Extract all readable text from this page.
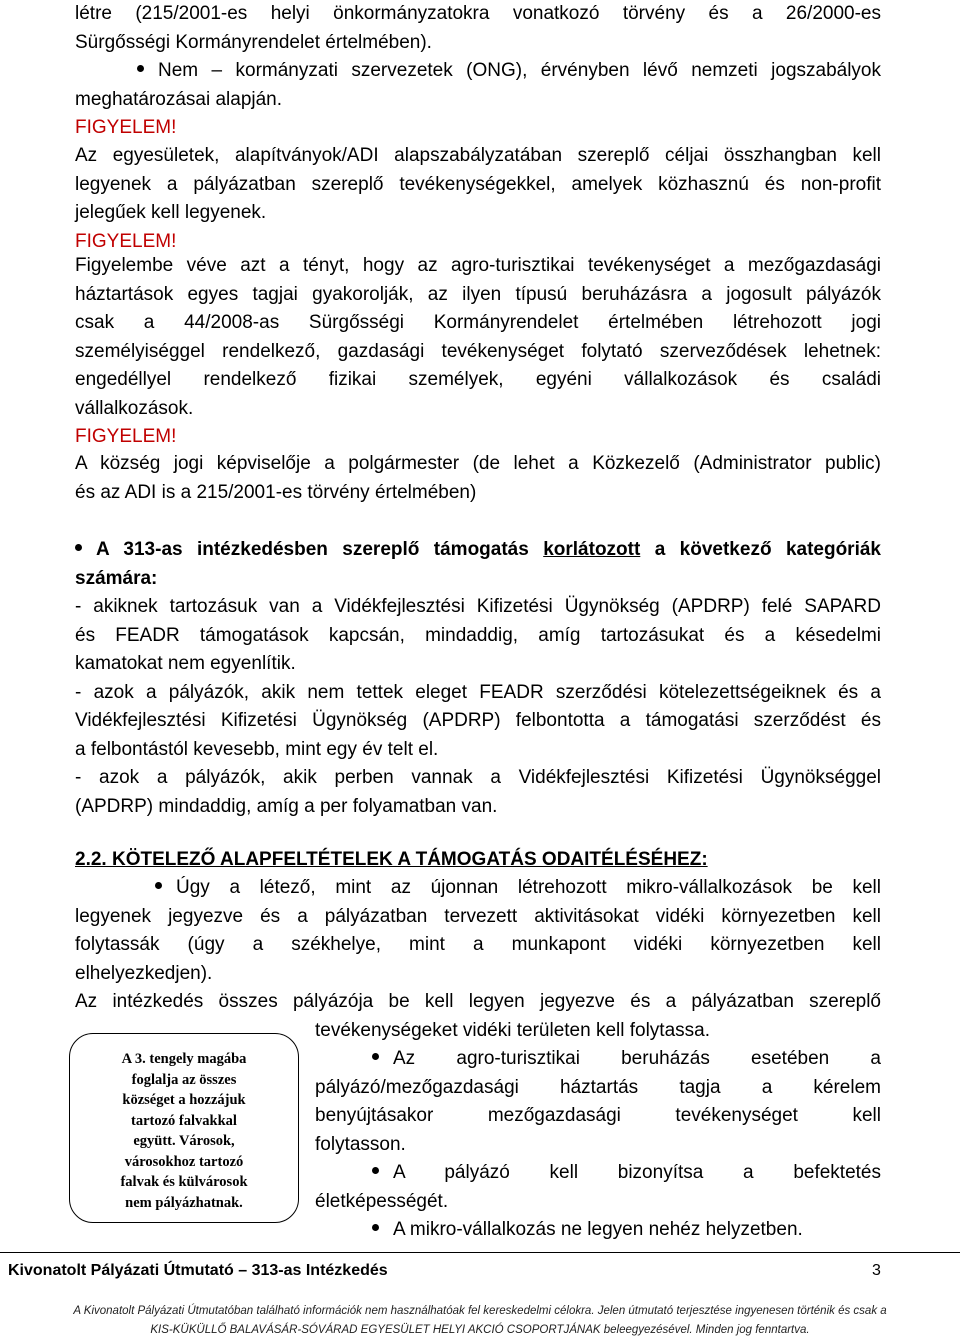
létre (215/2001-es helyi önkormányzatokra vonatkozó törvény és a 26/2000-es
Sürgősségi Kormányrendelet értelmében).
Nem – kormányzati szervezetek (ONG), érvényben lévő nemzeti jogszabályok
meghatározásai alapján.
FIGYELEM!
Az egyesületek, alapítványok/ADI alapszabályzatában szereplő céljai összhangban kell
legyenek a pályázatban szereplő tevékenységekkel, amelyek közhasznú és non-profit
jelegűek kell legyenek.
FIGYELEM!
Figyelembe véve azt a tényt, hogy az agro-turisztikai tevékenységet a mezőgazdasági
háztartások egyes tagjai gyakorolják, az ilyen típusú beruházásra a jogosult pályázók
csak a 44/2008-as Sürgősségi Kormányrendelet értelmében létrehozott jogi
személyiséggel rendelkező, gazdasági tevékenységet folytató szerveződések lehetnek:
engedéllyel rendelkező fizikai személyek, egyéni vállalkozások és családi
vállalkozások.
FIGYELEM!
A község jogi képviselője a polgármester (de lehet a Közkezelő (Administrator public)
és az ADI is a 215/2001-es törvény értelmében)
A 313-as intézkedésben szereplő támogatás korlátozott a következő kategóriák
számára:
- akiknek tartozásuk van a Vidékfejlesztési Kifizetési Ügynökség (APDRP) felé SAPARD
és FEADR támogatások kapcsán, mindaddig, amíg tartozásukat és a késedelmi
kamatokat nem egyenlítik.
- azok a pályázók, akik nem tettek eleget FEADR szerződési kötelezettségeiknek és a
Vidékfejlesztési Kifizetési Ügynökség (APDRP) felbontotta a támogatási szerződést és
a felbontástól kevesebb, mint egy év telt el.
- azok a pályázók, akik perben vannak a Vidékfejlesztési Kifizetési Ügynökséggel
(APDRP) mindaddig, amíg a per folyamatban van.
2.2. KÖTELEZŐ ALAPFELTÉTELEK A TÁMOGATÁS ODAITÉLÉSÉHEZ:
Úgy a létező, mint az újonnan létrehozott mikro-vállalkozások be kell
legyenek jegyezve és a pályázatban tervezett aktivitásokat vidéki környezetben kell
folytassák (úgy a székhelye, mint a munkapont vidéki környezetben kell
elhelyezkedjen).
Az intézkedés összes pályázója be kell legyen jegyezve és a pályázatban szereplő
tevékenységeket vidéki területen kell folytassa.
Az agro-turisztikai beruházás esetében a
pályázó/mezőgazdasági háztartás tagja a kérelem
benyújtásakor mezőgazdasági tevékenységet kell
folytasson.
A pályázó kell bizonyítsa a befektetés
életképességét.
A mikro-vállalkozás ne legyen nehéz helyzetben.
A 3. tengely magába
foglalja az összes
községet a hozzájuk
tartozó falvakkal
együtt. Városok,
városokhoz tartozó
falvak és külvárosok
nem pályázhatnak.
Kivonatolt Pályázati Útmutató – 313-as Intézkedés	3
A Kivonatolt Pályázati Útmutatóban található információk nem használhatóak fel kereskedelmi célokra. Jelen útmutató terjesztése ingyenesen történik és csak a
KIS-KÜKÜLLŐ BALAVÁSÁR-SÓVÁRAD EGYESÜLET HELYI AKCIÓ CSOPORTJÁNAK beleegyezésével. Minden jog fenntartva.
